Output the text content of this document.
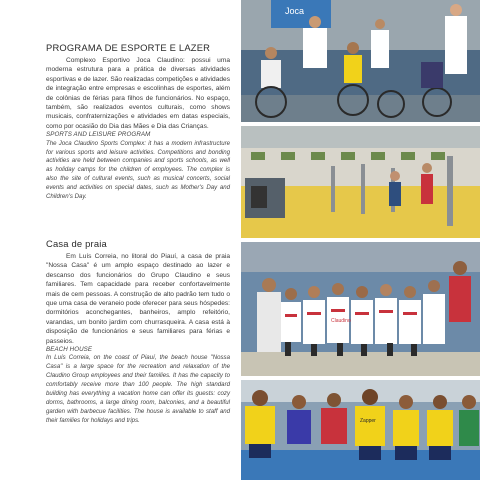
PROGRAMA DE ESPORTE E LAZER

Complexo Esportivo Joca Claudino: possui uma moderna estrutura para a prática de diversas atividades esportivas e de lazer. São realizadas competições e atividades de integração entre empresas e escolinhas de esportes, além de colônias de férias para filhos de funcionários. No espaço, também, são realizados eventos culturais, como shows musicais, confraternizações e atividades em datas especiais, como por ocasião do Dia das Mães e Dia das Crianças.

SPORTS AND LEISURE PROGRAM

The Joca Claudino Sports Complex: it has a modern infrastructure for various sports and leisure activities. Competitions and bonding activities are held between companies and sports schools, as well as holiday camps for the children of employees. The complex is also the site of cultural events, such as musical concerts, social events and activities on special dates, such as Mother's Day and Children's Day.

Casa de praia

Em Luís Correia, no litoral do Piauí, a casa de praia "Nossa Casa" é um amplo espaço destinado ao lazer e descanso dos funcionários do Grupo Claudino e seus familiares. Tem capacidade para receber confortavelmente mais de cem pessoas. A construção de alto padrão tem tudo o que uma casa de veraneio pode oferecer para seus hóspedes: dormitórios aconchegantes, banheiros, amplo refeitório, varandas, um bonito jardim com churrasqueira. A casa está à disposição de funcionários e seus familiares para férias e passeios.

BEACH HOUSE

In Luís Correia, on the coast of Piauí, the beach house "Nossa Casa" is a large space for the recreation and relaxation of the Claudino Group employees and their families. It has the capacity to comfortably receive more than 100 people. The high standard building has everything a vacation home can offer its guests: cozy dorms, bathrooms, a large dining room, balconies, and a beautiful garden with barbecue facilities. The house is available to staff and their families for holidays and trips.

Joca
Claudino
Zapper
